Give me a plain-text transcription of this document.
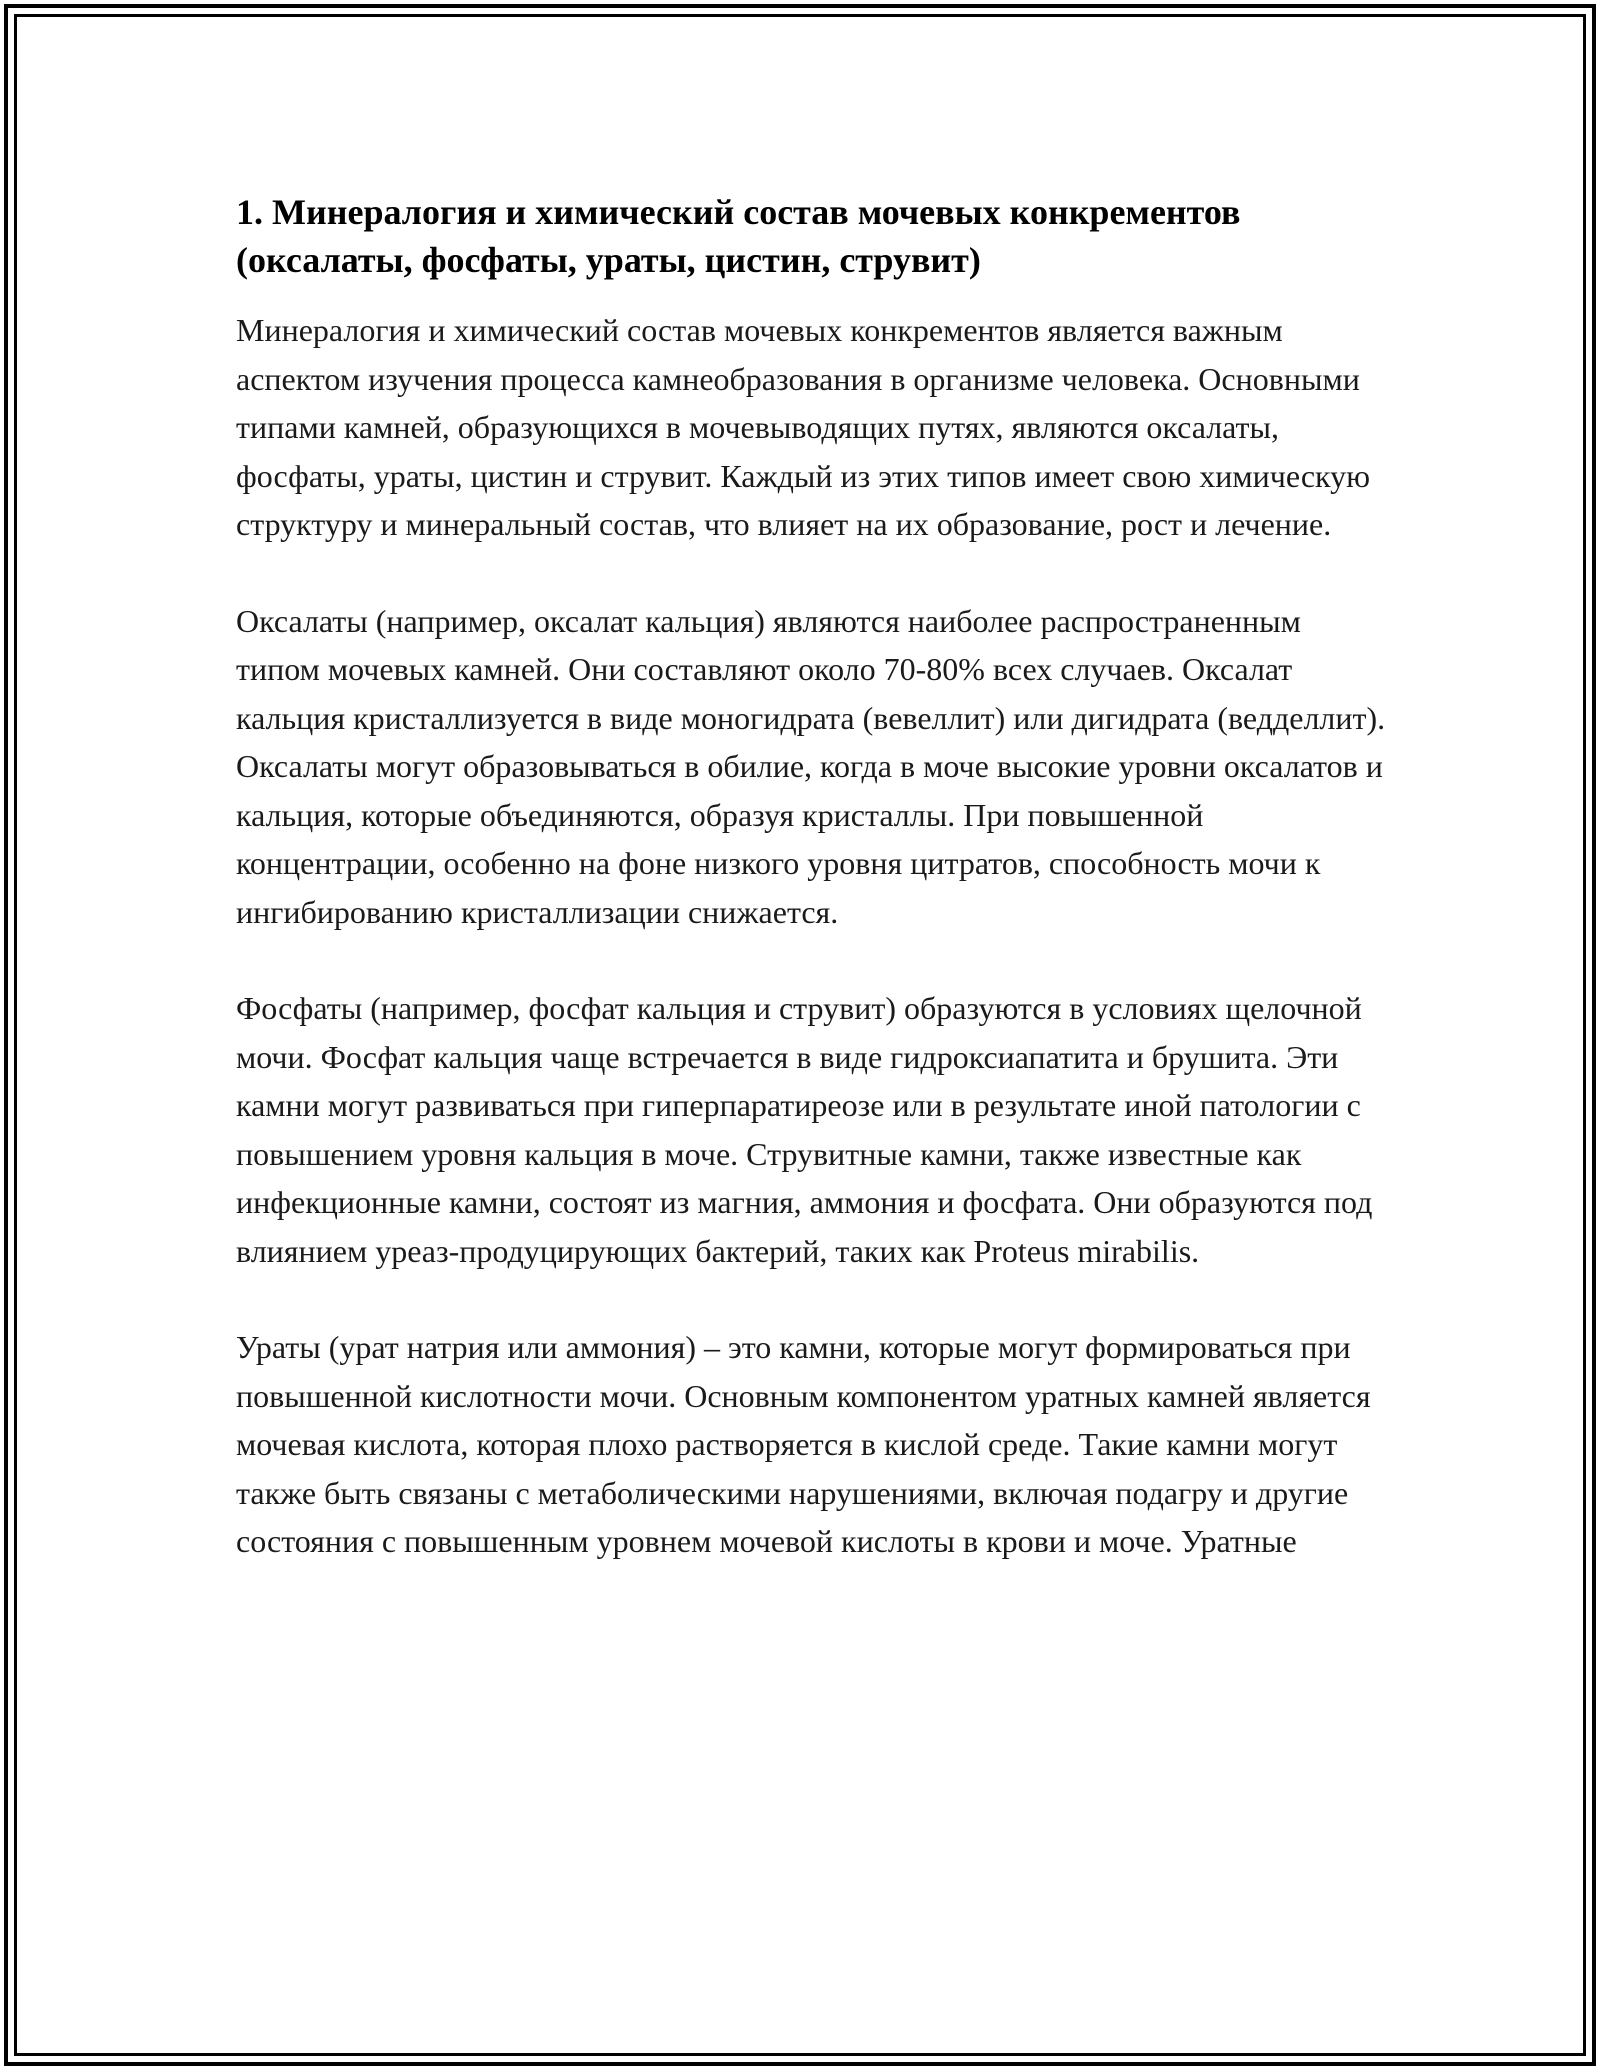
1. Минералогия и химический состав мочевых конкрементов (оксалаты, фосфаты, ураты, цистин, струвит)

Минералогия и химический состав мочевых конкрементов является важным аспектом изучения процесса камнеобразования в организме человека. Основными типами камней, образующихся в мочевыводящих путях, являются оксалаты, фосфаты, ураты, цистин и струвит. Каждый из этих типов имеет свою химическую структуру и минеральный состав, что влияет на их образование, рост и лечение.

Оксалаты (например, оксалат кальция) являются наиболее распространенным типом мочевых камней. Они составляют около 70-80% всех случаев. Оксалат кальция кристаллизуется в виде моногидрата (вевеллит) или дигидрата (ведделлит). Оксалаты могут образовываться в обилие, когда в моче высокие уровни оксалатов и кальция, которые объединяются, образуя кристаллы. При повышенной концентрации, особенно на фоне низкого уровня цитратов, способность мочи к ингибированию кристаллизации снижается.

Фосфаты (например, фосфат кальция и струвит) образуются в условиях щелочной мочи. Фосфат кальция чаще встречается в виде гидроксиапатита и брушита. Эти камни могут развиваться при гиперпаратиреозе или в результате иной патологии с повышением уровня кальция в моче. Струвитные камни, также известные как инфекционные камни, состоят из магния, аммония и фосфата. Они образуются под влиянием уреаз-продуцирующих бактерий, таких как Proteus mirabilis.

Ураты (урат натрия или аммония) – это камни, которые могут формироваться при повышенной кислотности мочи. Основным компонентом уратных камней является мочевая кислота, которая плохо растворяется в кислой среде. Такие камни могут также быть связаны с метаболическими нарушениями, включая подагру и другие состояния с повышенным уровнем мочевой кислоты в крови и моче. Уратные
